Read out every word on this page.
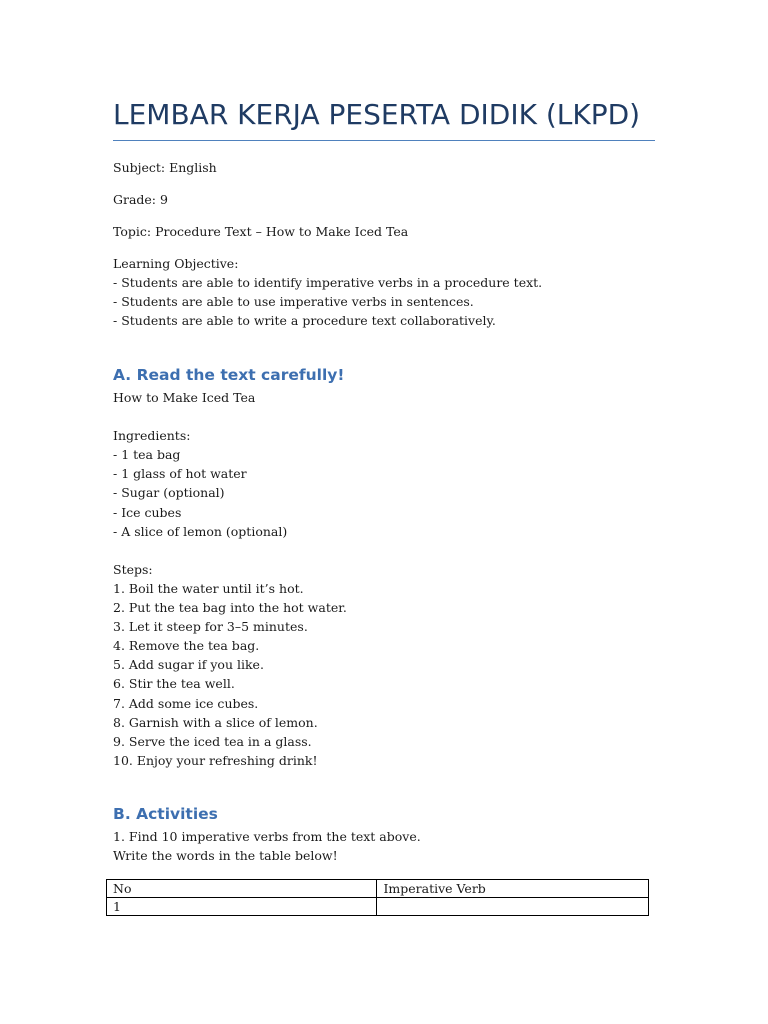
LEMBAR KERJA PESERTA DIDIK (LKPD)
Subject: English
Grade: 9
Topic: Procedure Text – How to Make Iced Tea
Learning Objective:
- Students are able to identify imperative verbs in a procedure text.
- Students are able to use imperative verbs in sentences.
- Students are able to write a procedure text collaboratively.
A. Read the text carefully!
How to Make Iced Tea
Ingredients:
- 1 tea bag
- 1 glass of hot water
- Sugar (optional)
- Ice cubes
- A slice of lemon (optional)
Steps:
1. Boil the water until it’s hot.
2. Put the tea bag into the hot water.
3. Let it steep for 3–5 minutes.
4. Remove the tea bag.
5. Add sugar if you like.
6. Stir the tea well.
7. Add some ice cubes.
8. Garnish with a slice of lemon.
9. Serve the iced tea in a glass.
10. Enjoy your refreshing drink!
B. Activities
1. Find 10 imperative verbs from the text above.
Write the words in the table below!
No	Imperative Verb
1	
